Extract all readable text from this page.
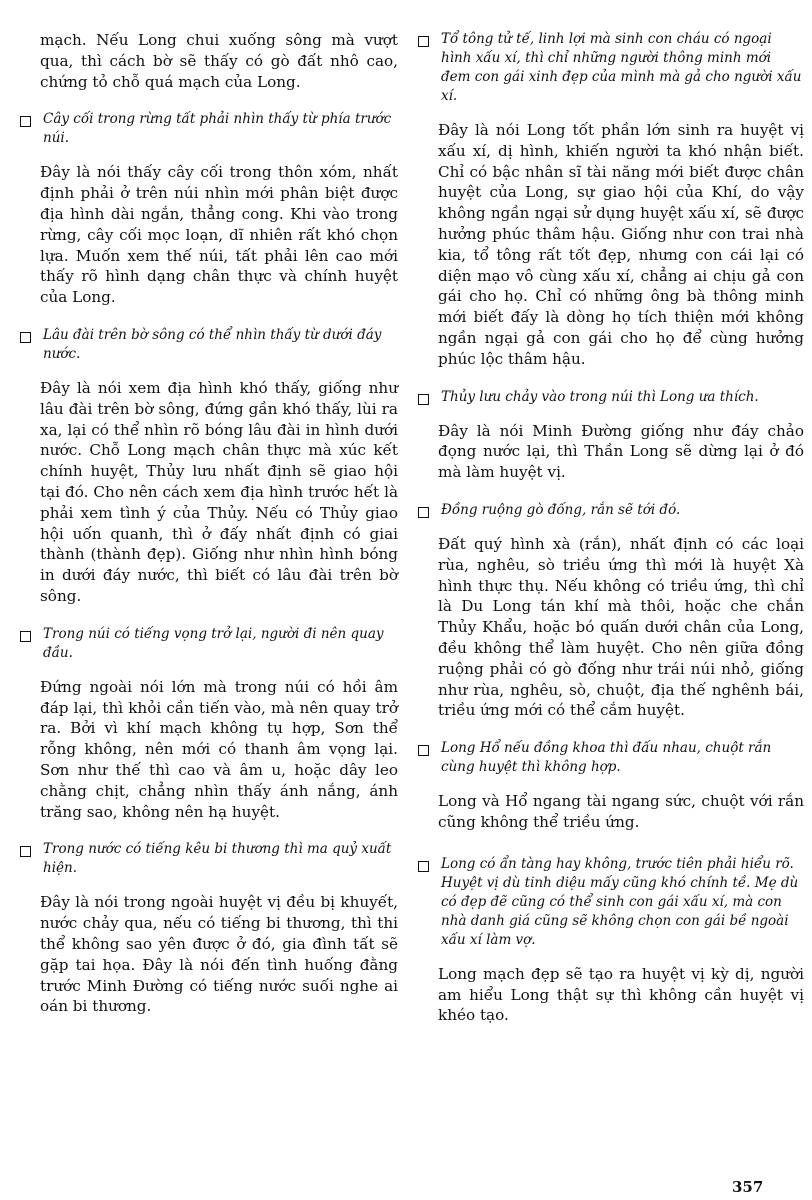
mạch. Nếu Long chui xuống sông mà vượt qua, thì cách bờ sẽ thấy có gò đất nhô cao, chứng tỏ chỗ quá mạch của Long.

Cây cối trong rừng tất phải nhìn thấy từ phía trước núi.

Đây là nói thấy cây cối trong thôn xóm, nhất định phải ở trên núi nhìn mới phân biệt được địa hình dài ngắn, thẳng cong. Khi vào trong rừng, cây cối mọc loạn, dĩ nhiên rất khó chọn lựa. Muốn xem thế núi, tất phải lên cao mới thấy rõ hình dạng chân thực và chính huyệt của Long.

Lâu đài trên bờ sông có thể nhìn thấy từ dưới đáy nước.

Đây là nói xem địa hình khó thấy, giống như lâu đài trên bờ sông, đứng gần khó thấy, lùi ra xa, lại có thể nhìn rõ bóng lâu đài in hình dưới nước. Chỗ Long mạch chân thực mà xúc kết chính huyệt, Thủy lưu nhất định sẽ giao hội tại đó. Cho nên cách xem địa hình trước hết là phải xem tình ý của Thủy. Nếu có Thủy giao hội uốn quanh, thì ở đấy nhất định có giai thành (thành đẹp). Giống như nhìn hình bóng in dưới đáy nước, thì biết có lâu đài trên bờ sông.

Trong núi có tiếng vọng trở lại, người đi nên quay đầu.

Đứng ngoài nói lớn mà trong núi có hồi âm đáp lại, thì khỏi cần tiến vào, mà nên quay trở ra. Bởi vì khí mạch không tụ hợp, Sơn thể rỗng không, nên mới có thanh âm vọng lại. Sơn như thế thì cao và âm u, hoặc dây leo chằng chịt, chẳng nhìn thấy ánh nắng, ánh trăng sao, không nên hạ huyệt.

Trong nước có tiếng kêu bi thương thì ma quỷ xuất hiện.

Đây là nói trong ngoài huyệt vị đều bị khuyết, nước chảy qua, nếu có tiếng bi thương, thì thi thể không sao yên được ở đó, gia đình tất sẽ gặp tai họa. Đây là nói đến tình huống đằng trước Minh Đường có tiếng nước suối nghe ai oán bi thương.

Tổ tông tử tế, linh lợi mà sinh con cháu có ngoại hình xấu xí, thì chỉ những người thông minh mới đem con gái xinh đẹp của mình mà gả cho người xấu xí.

Đây là nói Long tốt phần lớn sinh ra huyệt vị xấu xí, dị hình, khiến người ta khó nhận biết. Chỉ có bậc nhân sĩ tài năng mới biết được chân huyệt của Long, sự giao hội của Khí, do vậy không ngần ngại sử dụng huyệt xấu xí, sẽ được hưởng phúc thâm hậu. Giống như con trai nhà kia, tổ tông rất tốt đẹp, nhưng con cái lại có diện mạo vô cùng xấu xí, chẳng ai chịu gả con gái cho họ. Chỉ có những ông bà thông minh mới biết đấy là dòng họ tích thiện mới không ngần ngại gả con gái cho họ để cùng hưởng phúc lộc thâm hậu.

Thủy lưu chảy vào trong núi thì Long ưa thích.

Đây là nói Minh Đường giống như đáy chảo đọng nước lại, thì Thần Long sẽ dừng lại ở đó mà làm huyệt vị.

Đồng ruộng gò đống, rắn sẽ tới đó.

Đất quý hình xà (rắn), nhất định có các loại rùa, nghêu, sò triều ứng thì mới là huyệt Xà hình thực thụ. Nếu không có triều ứng, thì chỉ là Du Long tán khí mà thôi, hoặc che chắn Thủy Khẩu, hoặc bó quấn dưới chân của Long, đều không thể làm huyệt. Cho nên giữa đồng ruộng phải có gò đống như trái núi nhỏ, giống như rùa, nghêu, sò, chuột, địa thế nghênh bái, triều ứng mới có thể cắm huyệt.

Long Hổ nếu đồng khoa thì đấu nhau, chuột rắn cùng huyệt thì không hợp.

Long và Hổ ngang tài ngang sức, chuột với rắn cũng không thể triều ứng.

Long có ẩn tàng hay không, trước tiên phải hiểu rõ. Huyệt vị dù tinh diệu mấy cũng khó chính tề. Mẹ dù có đẹp đẽ cũng có thể sinh con gái xấu xí, mà con nhà danh giá cũng sẽ không chọn con gái bề ngoài xấu xí làm vợ.

Long mạch đẹp sẽ tạo ra huyệt vị kỳ dị, người am hiểu Long thật sự thì không cần huyệt vị khéo tạo.

357
